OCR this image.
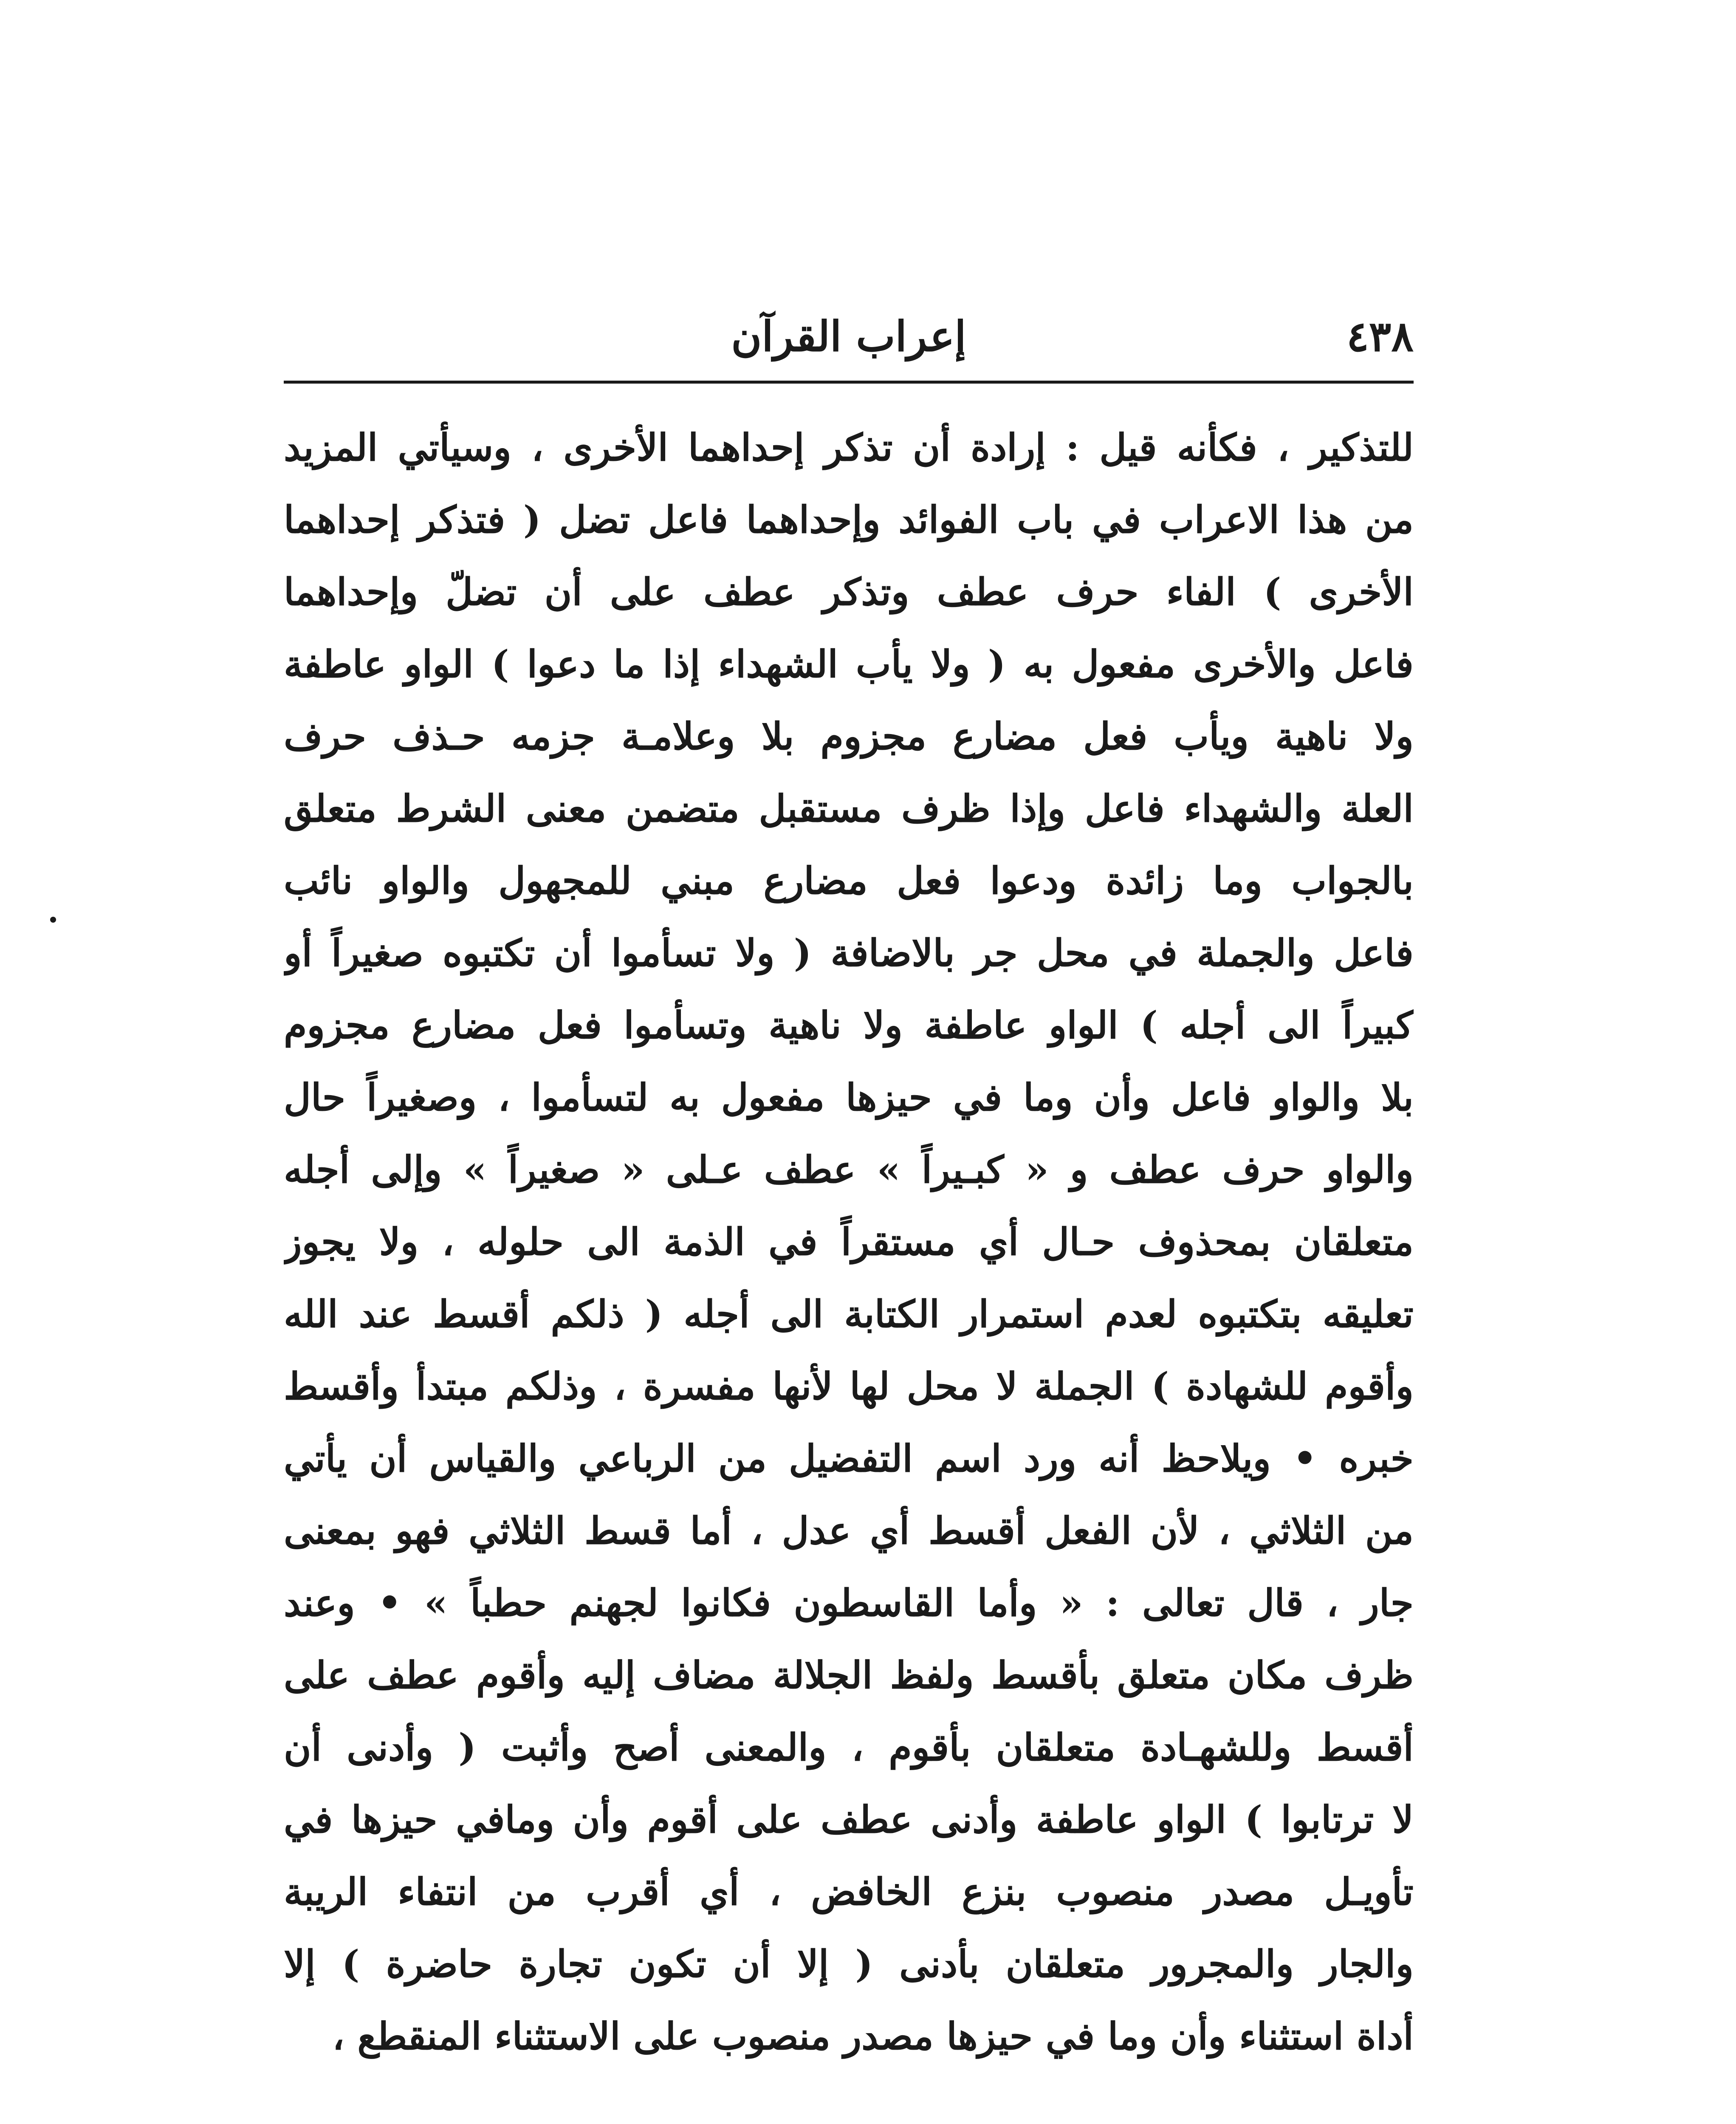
٤٣٨
إعراب القرآن
للتذكير ، فكأنه قيل : إرادة أن تذكر إحداهما الأخرى ، وسيأتي المزيد
من هذا الاعراب في باب الفوائد وإحداهما فاعل تضل ( فتذكر إحداهما
الأخرى ) الفاء حرف عطف وتذكر عطف على أن تضلّ وإحداهما
فاعل والأخرى مفعول به ( ولا يأب الشهداء إذا ما دعوا ) الواو عاطفة
ولا ناهية ويأب فعل مضارع مجزوم بلا وعلامـة جزمه حـذف حرف
العلة والشهداء فاعل وإذا ظرف مستقبل متضمن معنى الشرط متعلق
بالجواب وما زائدة ودعوا فعل مضارع مبني للمجهول والواو نائب
فاعل والجملة في محل جر بالاضافة ( ولا تسأموا أن تكتبوه صغيراً أو
كبيراً الى أجله ) الواو عاطفة ولا ناهية وتسأموا فعل مضارع مجزوم
بلا والواو فاعل وأن وما في حيزها مفعول به لتسأموا ، وصغيراً حال
والواو حرف عطف و « كبـيراً » عطف عـلى « صغيراً » وإلى أجله
متعلقان بمحذوف حـال أي مستقراً في الذمة الى حلوله ، ولا يجوز
تعليقه بتكتبوه لعدم استمرار الكتابة الى أجله ( ذلكم أقسط عند الله
وأقوم للشهادة ) الجملة لا محل لها لأنها مفسرة ، وذلكم مبتدأ وأقسط
خبره • ويلاحظ أنه ورد اسم التفضيل من الرباعي والقياس أن يأتي
من الثلاثي ، لأن الفعل أقسط أي عدل ، أما قسط الثلاثي فهو بمعنى
جار ، قال تعالى : « وأما القاسطون فكانوا لجهنم حطباً » • وعند
ظرف مكان متعلق بأقسط ولفظ الجلالة مضاف إليه وأقوم عطف على
أقسط وللشهـادة متعلقان بأقوم ، والمعنى أصح وأثبت ( وأدنى أن
لا ترتابوا ) الواو عاطفة وأدنى عطف على أقوم وأن ومافي حيزها في
تأويـل مصدر منصوب بنزع الخافض ، أي أقرب من انتفاء الريبة
والجار والمجرور متعلقان بأدنى ( إلا أن تكون تجارة حاضرة ) إلا
أداة استثناء وأن وما في حيزها مصدر منصوب على الاستثناء المنقطع ،
